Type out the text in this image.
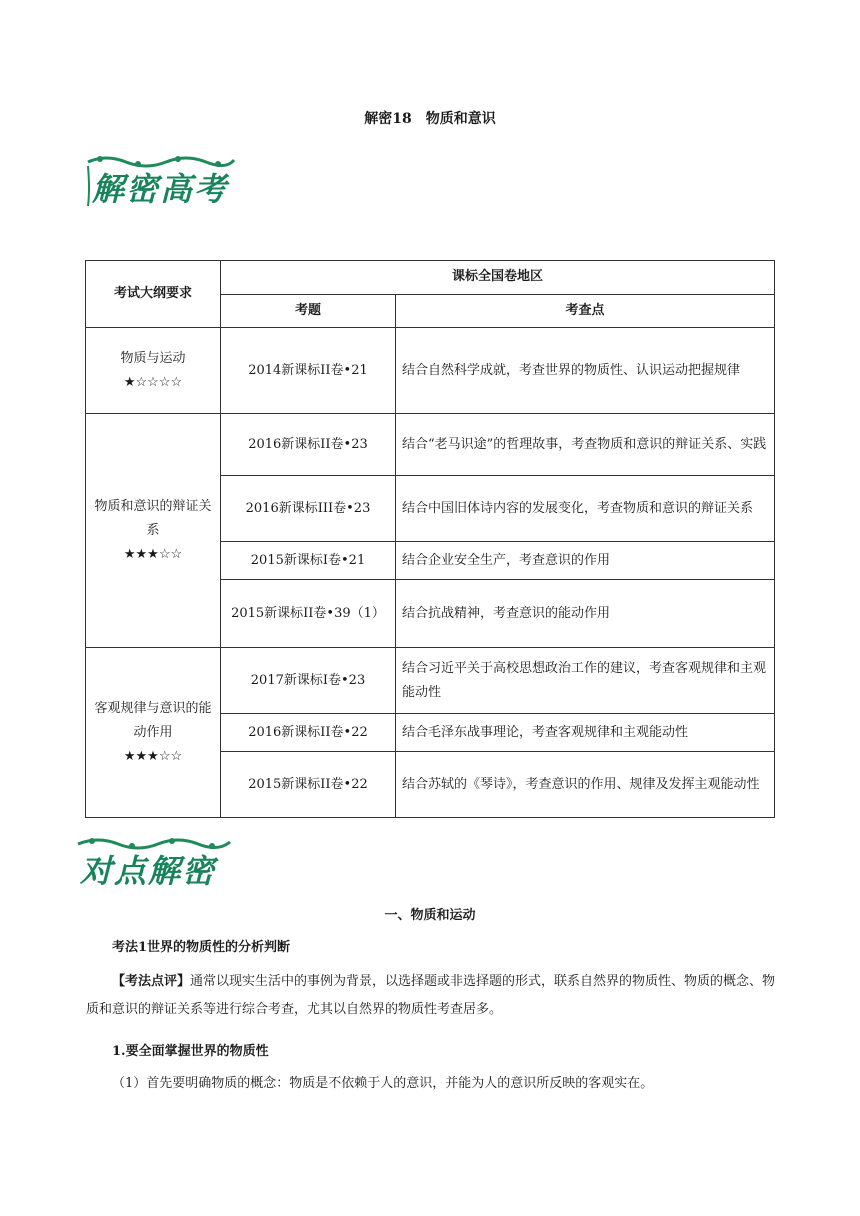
解密18　物质和意识
解密高考
考试大纲要求	课标全国卷地区	
	考题	考查点
物质与运动
★☆☆☆☆	2014新课标II卷•21	结合自然科学成就，考查世界的物质性、认识运动把握规律
物质和意识的辩证关系
★★★☆☆	2016新课标II卷•23	结合“老马识途”的哲理故事，考查物质和意识的辩证关系、实践
	2016新课标III卷•23	结合中国旧体诗内容的发展变化，考查物质和意识的辩证关系
	2015新课标I卷•21	结合企业安全生产，考查意识的作用
	2015新课标II卷•39（1）	结合抗战精神，考查意识的能动作用
客观规律与意识的能动作用
★★★☆☆	2017新课标I卷•23	结合习近平关于高校思想政治工作的建议，考查客观规律和主观能动性
	2016新课标II卷•22	结合毛泽东战事理论，考查客观规律和主观能动性
	2015新课标II卷•22	结合苏轼的《琴诗》，考查意识的作用、规律及发挥主观能动性
对点解密
一、物质和运动
考法1世界的物质性的分析判断
【考法点评】通常以现实生活中的事例为背景，以选择题或非选择题的形式，联系自然界的物质性、物质的概念、物质和意识的辩证关系等进行综合考查，尤其以自然界的物质性考查居多。
1.要全面掌握世界的物质性
（1）首先要明确物质的概念：物质是不依赖于人的意识，并能为人的意识所反映的客观实在。
